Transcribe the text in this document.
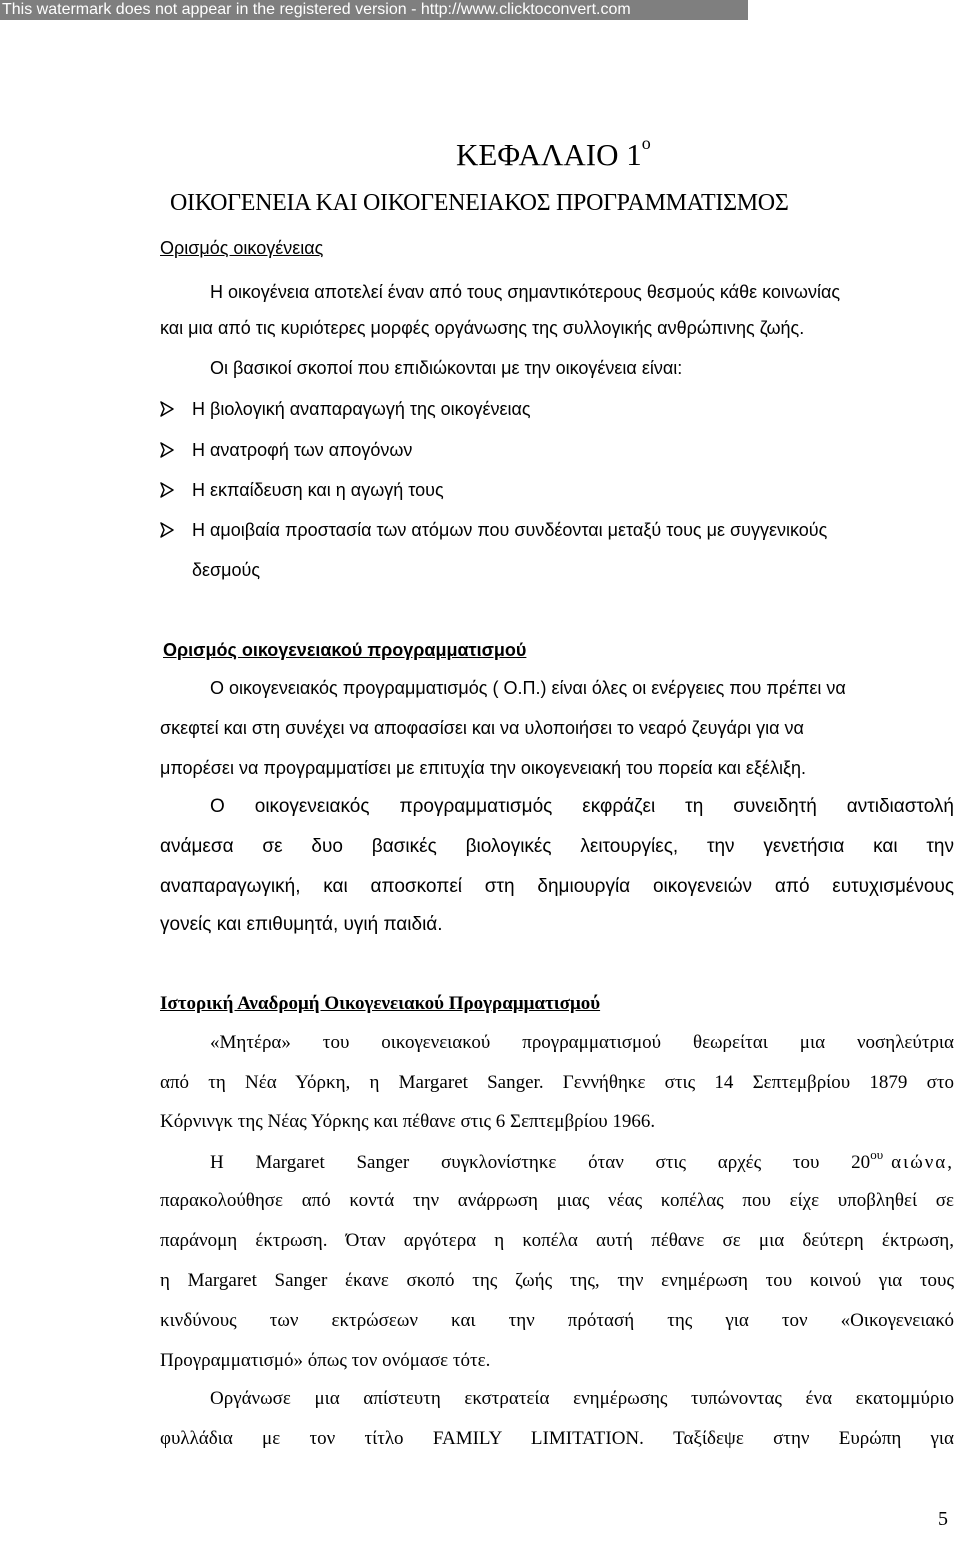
This watermark does not appear in the registered version - http://www.clicktoconvert.com
ΚΕΦΑΛΑΙΟ $1^o$
ΟΙΚΟΓΕΝΕΙΑ ΚΑΙ ΟΙΚΟΓΕΝΕΙΑΚΟΣ ΠΡΟΓΡΑΜΜΑΤΙΣΜΟΣ
Ορισμός οικογένειας
Η οικογένεια αποτελεί έναν από τους σημαντικότερους θεσμούς κάθε κοινωνίας
και μια από τις κυριότερες μορφές οργάνωσης της συλλογικής ανθρώπινης ζωής.
Οι βασικοί σκοποί που επιδιώκονται με την οικογένεια είναι:
Η βιολογική αναπαραγωγή της οικογένειας
Η ανατροφή των απογόνων
Η εκπαίδευση και η αγωγή τους
Η αμοιβαία προστασία των ατόμων που συνδέονται μεταξύ τους με συγγενικούς
δεσμούς
Ορισμός οικογενειακού προγραμματισμού
Ο οικογενειακός προγραμματισμός ( Ο.Π.) είναι όλες οι ενέργειες που πρέπει να
σκεφτεί και στη συνέχει να αποφασίσει και να υλοποιήσει το νεαρό ζευγάρι για να
μπορέσει να προγραμματίσει με επιτυχία την οικογενειακή του πορεία και εξέλιξη.
Ο οικογενειακός προγραμματισμός εκφράζει τη συνειδητή αντιδιαστολή
ανάμεσα σε δυο βασικές βιολογικές λειτουργίες, την γενετήσια και την
αναπαραγωγική, και αποσκοπεί στη δημιουργία οικογενειών από ευτυχισμένους
γονείς και επιθυμητά, υγιή παιδιά.
Ιστορική Αναδρομή Οικογενειακού Προγραμματισμού
«Μητέρα» του οικογενειακού προγραμματισμού θεωρείται μια νοσηλεύτρια
από τη Νέα Υόρκη, η Margaret Sanger. Γεννήθηκε στις 14 Σεπτεμβρίου 1879 στο
Κόρνινγκ της Νέας Υόρκης και πέθανε στις 6 Σεπτεμβρίου 1966.
Η Margaret Sanger συγκλονίστηκε όταν στις αρχές του $20^{o\upsilon}$ αιώνα,
παρακολούθησε από κοντά την ανάρρωση μιας νέας κοπέλας που είχε υποβληθεί σε
παράνομη έκτρωση. Όταν αργότερα η κοπέλα αυτή πέθανε σε μια δεύτερη έκτρωση,
η Margaret Sanger έκανε σκοπό της ζωής της, την ενημέρωση του κοινού για τους
κινδύνους των εκτρώσεων και την πρότασή της για τον «Οικογενειακό
Προγραμματισμό» όπως τον ονόμασε τότε.
Οργάνωσε μια απίστευτη εκστρατεία ενημέρωσης τυπώνοντας ένα εκατομμύριο
φυλλάδια με τον τίτλο FAMILY LIMITATION. Ταξίδεψε στην Ευρώπη για
5
